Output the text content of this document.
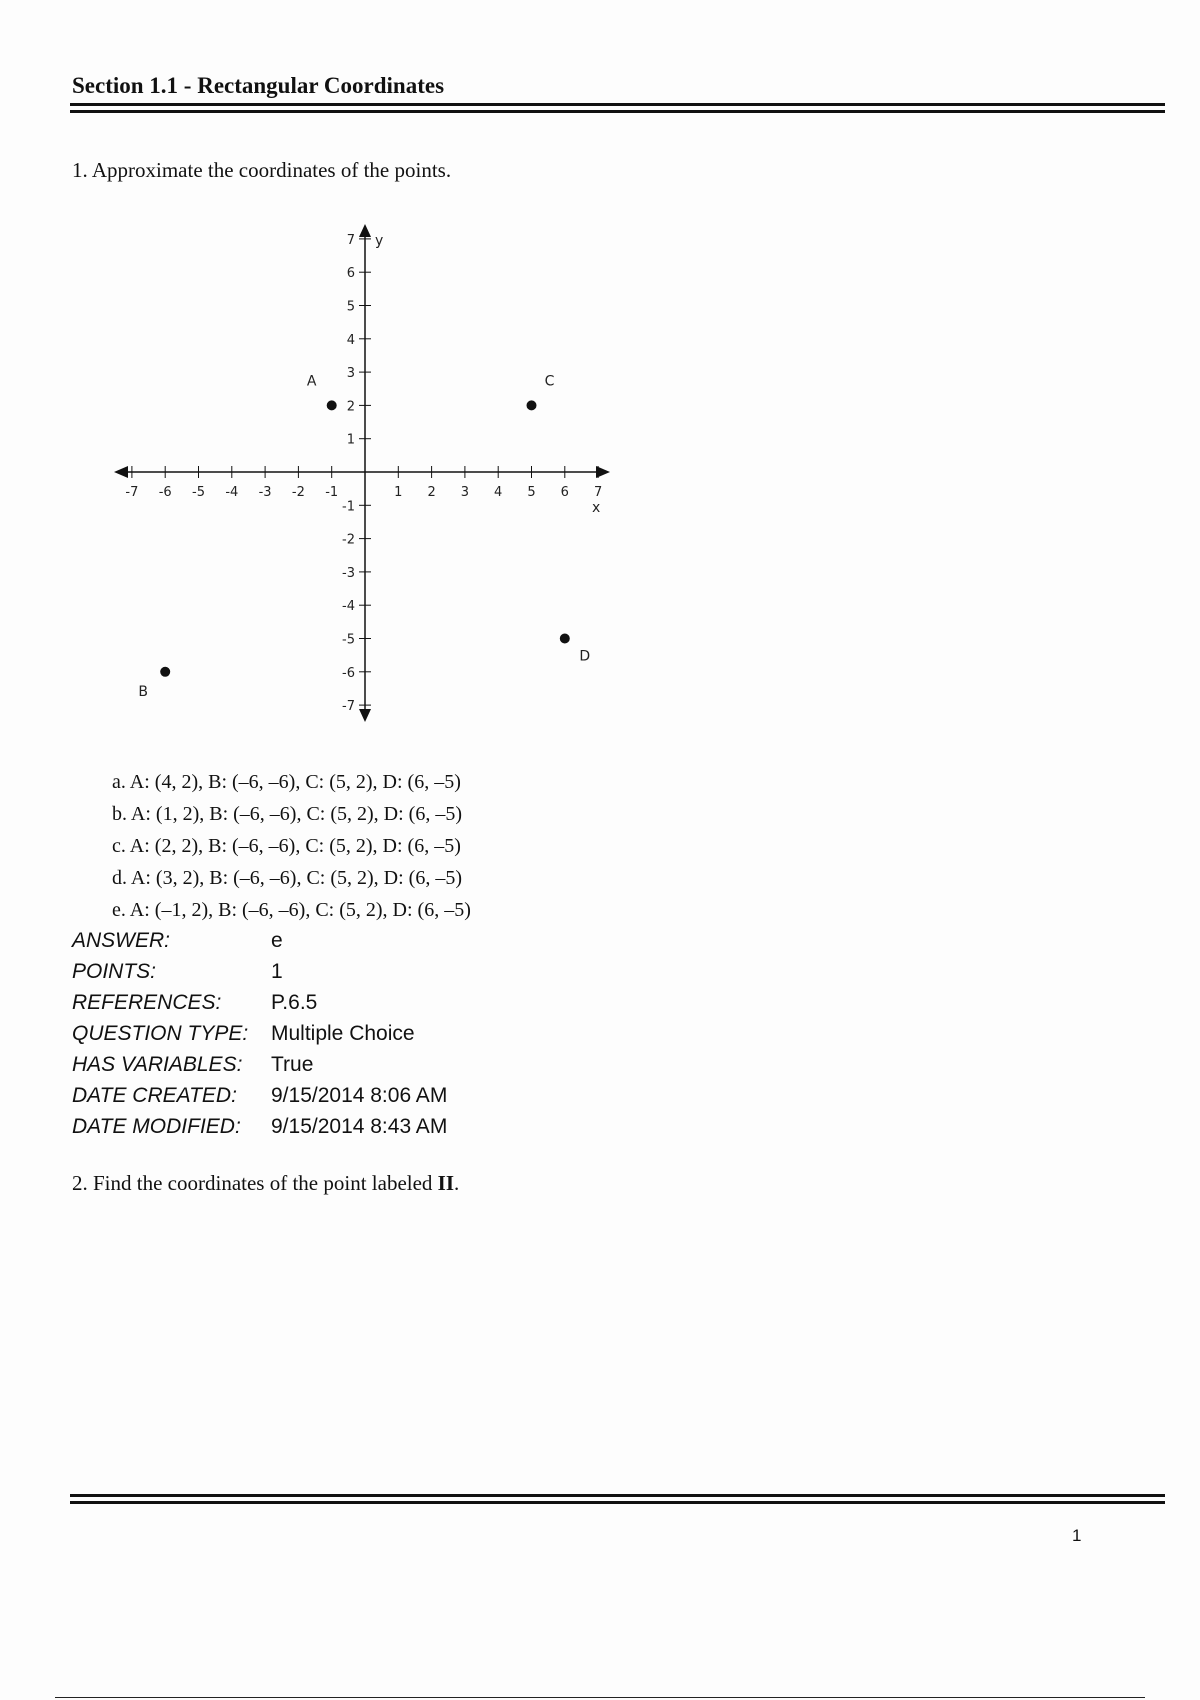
Section 1.1 - Rectangular Coordinates
1. Approximate the coordinates of the points.
x
y
-7 -6 -5 -4 -3 -2 -1	1 2 3 4 5 6 7
7
6
5
4
3
2
1
-1
-2
-3
-4
-5
-6
-7
A
B
C
D
a. A: (4, 2), B: (–6, –6), C: (5, 2), D: (6, –5)
b. A: (1, 2), B: (–6, –6), C: (5, 2), D: (6, –5)
c. A: (2, 2), B: (–6, –6), C: (5, 2), D: (6, –5)
d. A: (3, 2), B: (–6, –6), C: (5, 2), D: (6, –5)
e. A: (–1, 2), B: (–6, –6), C: (5, 2), D: (6, –5)
ANSWER:	e
POINTS:	1
REFERENCES:	P.6.5
QUESTION TYPE:	Multiple Choice
HAS VARIABLES:	True
DATE CREATED:	9/15/2014 8:06 AM
DATE MODIFIED:	9/15/2014 8:43 AM
2. Find the coordinates of the point labeled II.
1
